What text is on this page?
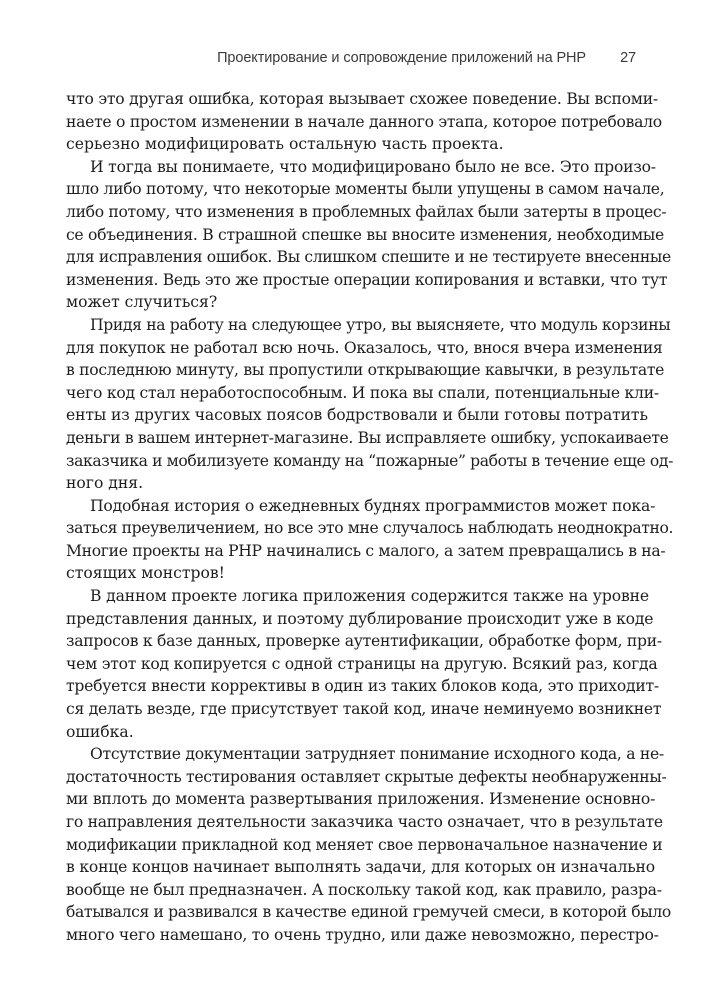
Проектирование и сопровождение приложений на PHP 27

что это другая ошибка, которая вызывает схожее поведение. Вы вспоми-
наете о простом изменении в начале данного этапа, которое потребовало
серьезно модифицировать остальную часть проекта.

И тогда вы понимаете, что модифицировано было не все. Это произо-
шло либо потому, что некоторые моменты были упущены в самом начале,
либо потому, что изменения в проблемных файлах были затерты в процес-
се объединения. В страшной спешке вы вносите изменения, необходимые
для исправления ошибок. Вы слишком спешите и не тестируете внесенные
изменения. Ведь это же простые операции копирования и вставки, что тут
может случиться?

Придя на работу на следующее утро, вы выясняете, что модуль корзины
для покупок не работал всю ночь. Оказалось, что, внося вчера изменения
в последнюю минуту, вы пропустили открывающие кавычки, в результате
чего код стал неработоспособным. И пока вы спали, потенциальные кли-
енты из других часовых поясов бодрствовали и были готовы потратить
деньги в вашем интернет-магазине. Вы исправляете ошибку, успокаиваете
заказчика и мобилизуете команду на “пожарные” работы в течение еще од-
ного дня.

Подобная история о ежедневных буднях программистов может пока-
заться преувеличением, но все это мне случалось наблюдать неоднократно.
Многие проекты на PHP начинались с малого, а затем превращались в на-
стоящих монстров!

В данном проекте логика приложения содержится также на уровне
представления данных, и поэтому дублирование происходит уже в коде
запросов к базе данных, проверке аутентификации, обработке форм, при-
чем этот код копируется с одной страницы на другую. Всякий раз, когда
требуется внести коррективы в один из таких блоков кода, это приходит-
ся делать везде, где присутствует такой код, иначе неминуемо возникнет
ошибка.

Отсутствие документации затрудняет понимание исходного кода, а не-
достаточность тестирования оставляет скрытые дефекты необнаруженны-
ми вплоть до момента развертывания приложения. Изменение основно-
го направления деятельности заказчика часто означает, что в результате
модификации прикладной код меняет свое первоначальное назначение и
в конце концов начинает выполнять задачи, для которых он изначально
вообще не был предназначен. А поскольку такой код, как правило, разра-
батывался и развивался в качестве единой гремучей смеси, в которой было
много чего намешано, то очень трудно, или даже невозможно, перестро-
